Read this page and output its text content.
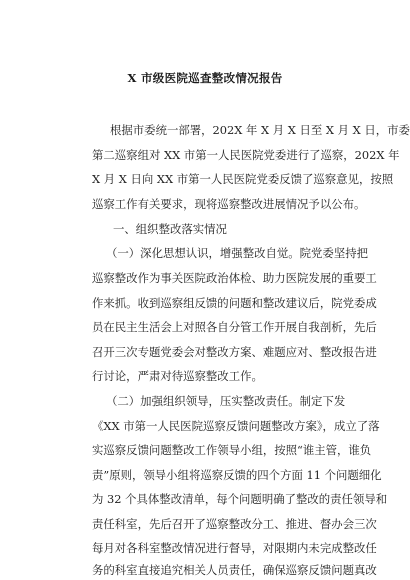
X 市级医院巡查整改情况报告
根据市委统一部署，202X 年 X 月 X 日至 X 月 X 日，市委
第二巡察组对 XX 市第一人民医院党委进行了巡察，202X 年
X 月 X 日向 XX 市第一人民医院党委反馈了巡察意见，按照
巡察工作有关要求，现将巡察整改进展情况予以公布。
一、组织整改落实情况
（一）深化思想认识，增强整改自觉。院党委坚持把
巡察整改作为事关医院政治体检、助力医院发展的重要工
作来抓。收到巡察组反馈的问题和整改建议后，院党委成
员在民主生活会上对照各自分管工作开展自我剖析，先后
召开三次专题党委会对整改方案、难题应对、整改报告进
行讨论，严肃对待巡察整改工作。
（二）加强组织领导，压实整改责任。制定下发
《XX 市第一人民医院巡察反馈问题整改方案》，成立了落
实巡察反馈问题整改工作领导小组，按照“谁主管，谁负
责”原则，领导小组将巡察反馈的四个方面 11 个问题细化
为 32 个具体整改清单，每个问题明确了整改的责任领导和
责任科室，先后召开了巡察整改分工、推进、督办会三次
每月对各科室整改情况进行督导，对限期内未完成整改任
务的科室直接追究相关人员责任，确保巡察反馈问题真改
